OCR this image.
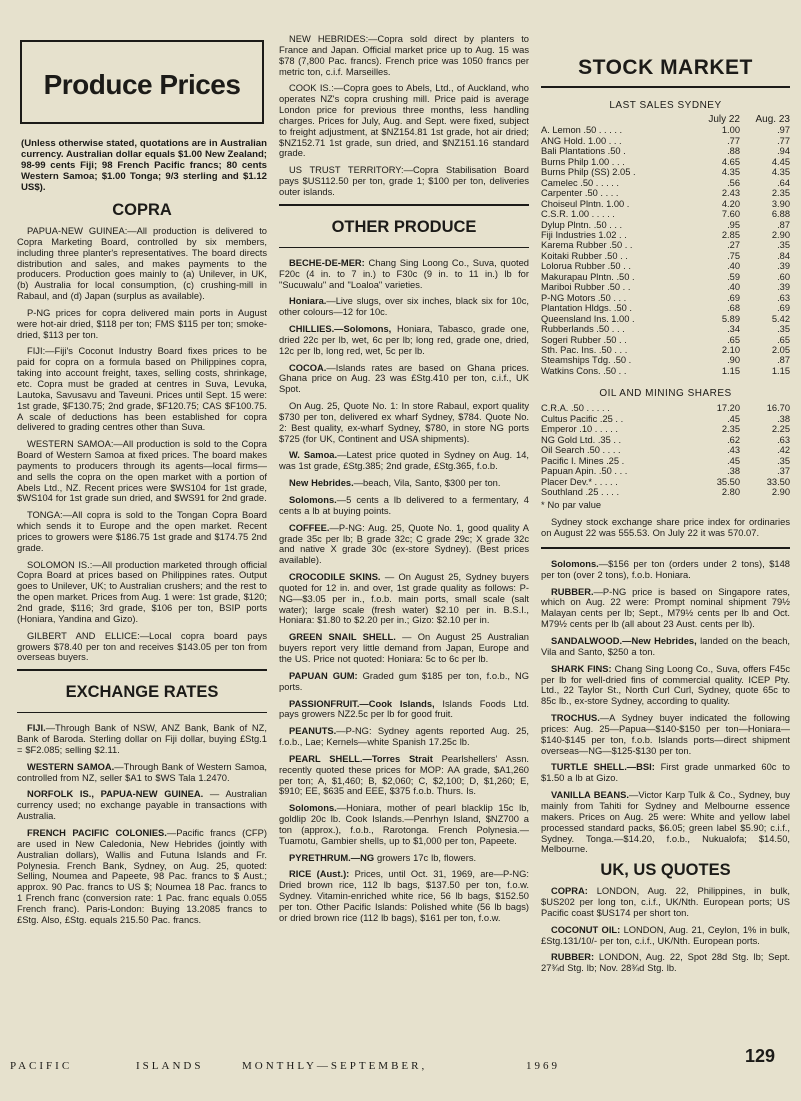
Produce Prices
(Unless otherwise stated, quotations are in Australian currency. Australian dollar equals $1.00 New Zealand; 98-99 cents Fiji; 98 French Pacific francs; 80 cents Western Samoa; $1.00 Tonga; 9/3 sterling and $1.12 US$).
COPRA
PAPUA-NEW GUINEA:—All production is delivered to Copra Marketing Board, controlled by six members, including three planter's representatives. The board directs distribution and sales, and makes payments to the producers. Production goes mainly to (a) Unilever, in UK, (b) Australia for local consumption, (c) crushing-mill in Rabaul, and (d) Japan (surplus as available).
P-NG prices for copra delivered main ports in August were hot-air dried, $118 per ton; FMS $115 per ton; smoke-dried, $113 per ton.
FIJI:—Fiji's Coconut Industry Board fixes prices to be paid for copra on a formula based on Philippines copra, taking into account freight, taxes, selling costs, shrinkage, etc. Copra must be graded at centres in Suva, Levuka, Lautoka, Savusavu and Taveuni. Prices until Sept. 15 were: 1st grade, $F130.75; 2nd grade, $F120.75; CAS $F100.75. A scale of deductions has been established for copra delivered to grading centres other than Suva.
WESTERN SAMOA:—All production is sold to the Copra Board of Western Samoa at fixed prices. The board makes payments to producers through its agents—local firms—and sells the copra on the open market with a portion of Abels Ltd., NZ. Recent prices were $WS104 for 1st grade, $WS104 for 1st grade sun dried, and $WS91 for 2nd grade.
TONGA:—All copra is sold to the Tongan Copra Board which sends it to Europe and the open market. Recent prices to growers were $186.75 1st grade and $174.75 2nd grade.
SOLOMON IS.:—All production marketed through official Copra Board at prices based on Philippines rates. Output goes to Unilever, UK; to Australian crushers; and the rest to the open market. Prices from Aug. 1 were: 1st grade, $120; 2nd grade, $116; 3rd grade, $106 per ton, BSIP ports (Honiara, Yandina and Gizo).
GILBERT AND ELLICE:—Local copra board pays growers $78.40 per ton and receives $143.05 per ton from overseas buyers.
EXCHANGE RATES
FIJI.—Through Bank of NSW, ANZ Bank, Bank of NZ, Bank of Baroda. Sterling dollar on Fiji dollar, buying £Stg.1 = $F2.085; selling $2.11.
WESTERN SAMOA.—Through Bank of Western Samoa, controlled from NZ, seller $A1 to $WS Tala 1.2470.
NORFOLK IS., PAPUA-NEW GUINEA. — Australian currency used; no exchange payable in transactions with Australia.
FRENCH PACIFIC COLONIES.—Pacific francs (CFP) are used in New Caledonia, New Hebrides (jointly with Australian dollars), Wallis and Futuna Islands and Fr. Polynesia. French Bank, Sydney, on Aug. 25, quoted: Selling, Noumea and Papeete, 98 Pac. francs to $ Aust.; approx. 90 Pac. francs to US $; Noumea 18 Pac. francs to 1 French franc (conversion rate: 1 Pac. franc equals 0.055 French franc). Paris-London: Buying 13.2085 francs to £Stg. Also, £Stg. equals 215.50 Pac. francs.
NEW HEBRIDES:—Copra sold direct by planters to France and Japan. Official market price up to Aug. 15 was $78 (7,800 Pac. francs). French price was 1050 francs per metric ton, c.i.f. Marseilles.
COOK IS.:—Copra goes to Abels, Ltd., of Auckland, who operates NZ's copra crushing mill. Price paid is average London price for previous three months, less handling charges. Prices for July, Aug. and Sept. were fixed, subject to freight adjustment, at $NZ154.81 1st grade, hot air dried; $NZ152.71 1st grade, sun dried, and $NZ151.16 standard grade.
US TRUST TERRITORY:—Copra Stabilisation Board pays $US112.50 per ton, grade 1; $100 per ton, deliveries outer islands.
OTHER PRODUCE
BECHE-DE-MER: Chang Sing Loong Co., Suva, quoted F20c (4 in. to 7 in.) to F30c (9 in. to 11 in.) lb for "Sucuwalu" and "Loaloa" varieties.
Honiara.—Live slugs, over six inches, black six for 10c, other colours—12 for 10c.
CHILLIES.—Solomons, Honiara, Tabasco, grade one, dried 22c per lb, wet, 6c per lb; long red, grade one, dried, 12c per lb, long red, wet, 5c per lb.
COCOA.—Islands rates are based on Ghana prices. Ghana price on Aug. 23 was £Stg.410 per ton, c.i.f., UK Spot.
On Aug. 25, Quote No. 1: In store Rabaul, export quality $730 per ton, delivered ex wharf Sydney, $784. Quote No. 2: Best quality, ex-wharf Sydney, $780, in store NG ports $725 (for UK, Continent and USA shipments).
W. Samoa.—Latest price quoted in Sydney on Aug. 14, was 1st grade, £Stg.385; 2nd grade, £Stg.365, f.o.b.
New Hebrides.—beach, Vila, Santo, $300 per ton.
Solomons.—5 cents a lb delivered to a fermentary, 4 cents a lb at buying points.
COFFEE.—P-NG: Aug. 25, Quote No. 1, good quality A grade 35c per lb; B grade 32c; C grade 29c; X grade 32c and native X grade 30c (ex-store Sydney). (Best prices available).
CROCODILE SKINS. — On August 25, Sydney buyers quoted for 12 in. and over, 1st grade quality as follows: P-NG—$3.05 per in., f.o.b. main ports, small scale (salt water); large scale (fresh water) $2.10 per in. B.S.I., Honiara: $1.80 to $2.20 per in.; Gizo: $2.10 per in.
GREEN SNAIL SHELL. — On August 25 Australian buyers report very little demand from Japan, Europe and the US. Price not quoted: Honiara: 5c to 6c per lb.
PAPUAN GUM: Graded gum $185 per ton, f.o.b., NG ports.
PASSIONFRUIT.—Cook Islands, Islands Foods Ltd. pays growers NZ2.5c per lb for good fruit.
PEANUTS.—P-NG: Sydney agents reported Aug. 25, f.o.b., Lae; Kernels—white Spanish 17.25c lb.
PEARL SHELL.—Torres Strait Pearlshellers' Assn. recently quoted these prices for MOP: AA grade, $A1,260 per ton; A, $1,460; B, $2,060; C, $2,100; D, $1,260; E, $910; EE, $635 and EEE, $375 f.o.b. Thurs. Is.
Solomons.—Honiara, mother of pearl blacklip 15c lb, goldlip 20c lb. Cook Islands.—Penrhyn Island, $NZ700 a ton (approx.), f.o.b., Rarotonga. French Polynesia.—Tuamotu, Gambier shells, up to $1,000 per ton, Papeete.
PYRETHRUM.—NG growers 17c lb, flowers.
RICE (Aust.): Prices, until Oct. 31, 1969, are—P-NG: Dried brown rice, 112 lb bags, $137.50 per ton, f.o.w. Sydney. Vitamin-enriched white rice, 56 lb bags, $152.50 per ton. Other Pacific Islands: Polished white (56 lb bags) or dried brown rice (112 lb bags), $161 per ton, f.o.w.
STOCK MARKET
LAST SALES SYDNEY
	July 22	Aug. 23
A. Lemon .50 . . . . .	1.00	.97
ANG Hold. 1.00 . . .	.77	.77
Bali Plantations .50 .	.88	.94
Burns Philp 1.00 . . .	4.65	4.45
Burns Philp (SS) 2.05 .	4.35	4.35
Camelec .50 . . . . .	.56	.64
Carpenter .50 . . . .	2.43	2.35
Choiseul Plntn. 1.00 .	4.20	3.90
C.S.R. 1.00 . . . . .	7.60	6.88
Dylup Plntn. .50 . . .	.95	.87
Fiji Industries 1.02 . .	2.85	2.90
Karema Rubber .50 . .	.27	.35
Koitaki Rubber .50 . .	.75	.84
Lolorua Rubber .50 . .	.40	.39
Makurapau Plntn. .50 .	.59	.60
Mariboi Rubber .50 . .	.40	.39
P-NG Motors .50 . . .	.69	.63
Plantation Hldgs. .50 .	.68	.69
Queensland Ins. 1.00 .	5.89	5.42
Rubberlands .50 . . .	.34	.35
Sogeri Rubber .50 . .	.65	.65
Sth. Pac. Ins. .50 . . .	2.10	2.05
Steamships Tdg. .50 .	.90	.87
Watkins Cons. .50 . .	1.15	1.15
OIL AND MINING SHARES
C.R.A. .50 . . . . .	17.20	16.70
Cultus Pacific .25 . .	.45	.38
Emperor .10 . . . . .	2.35	2.25
NG Gold Ltd. .35 . .	.62	.63
Oil Search .50 . . . .	.43	.42
Pacific I. Mines .25 .	.45	.35
Papuan Apin. .50 . . .	.38	.37
Placer Dev.* . . . . .	35.50	33.50
Southland .25 . . . .	2.80	2.90
* No par value
Sydney stock exchange share price index for ordinaries on August 22 was 555.53. On July 22 it was 570.07.
Solomons.—$156 per ton (orders under 2 tons), $148 per ton (over 2 tons), f.o.b. Honiara.
RUBBER.—P-NG price is based on Singapore rates, which on Aug. 22 were: Prompt nominal shipment 79½ Malayan cents per lb; Sept., M79½ cents per lb and Oct. M79½ cents per lb (all about 23 Aust. cents per lb).
SANDALWOOD.—New Hebrides, landed on the beach, Vila and Santo, $250 a ton.
SHARK FINS: Chang Sing Loong Co., Suva, offers F45c per lb for well-dried fins of commercial quality. ICEP Pty. Ltd., 22 Taylor St., North Curl Curl, Sydney, quote 65c to 85c lb., ex-store Sydney, according to quality.
TROCHUS.—A Sydney buyer indicated the following prices: Aug. 25—Papua—$140-$150 per ton—Honiara—$140-$145 per ton, f.o.b. Islands ports—direct shipment overseas—NG—$125-$130 per ton.
TURTLE SHELL.—BSI: First grade unmarked 60c to $1.50 a lb at Gizo.
VANILLA BEANS.—Victor Karp Tulk & Co., Sydney, buy mainly from Tahiti for Sydney and Melbourne essence makers. Prices on Aug. 25 were: White and yellow label processed standard packs, $6.05; green label $5.90; c.i.f., Sydney. Tonga.—$14.20, f.o.b., Nukualofa; $14.50, Melbourne.
UK, US QUOTES
COPRA: LONDON, Aug. 22, Philippines, in bulk, $US202 per long ton, c.i.f., UK/Nth. European ports; US Pacific coast $US174 per short ton.
COCONUT OIL: LONDON, Aug. 21, Ceylon, 1% in bulk, £Stg.131/10/- per ton, c.i.f., UK/Nth. European ports.
RUBBER: LONDON, Aug. 22, Spot 28d Stg. lb; Sept. 27¾d Stg. lb; Nov. 28¾d Stg. lb.
PACIFIC	ISLANDS	MONTHLY—SEPTEMBER,	1969	129
